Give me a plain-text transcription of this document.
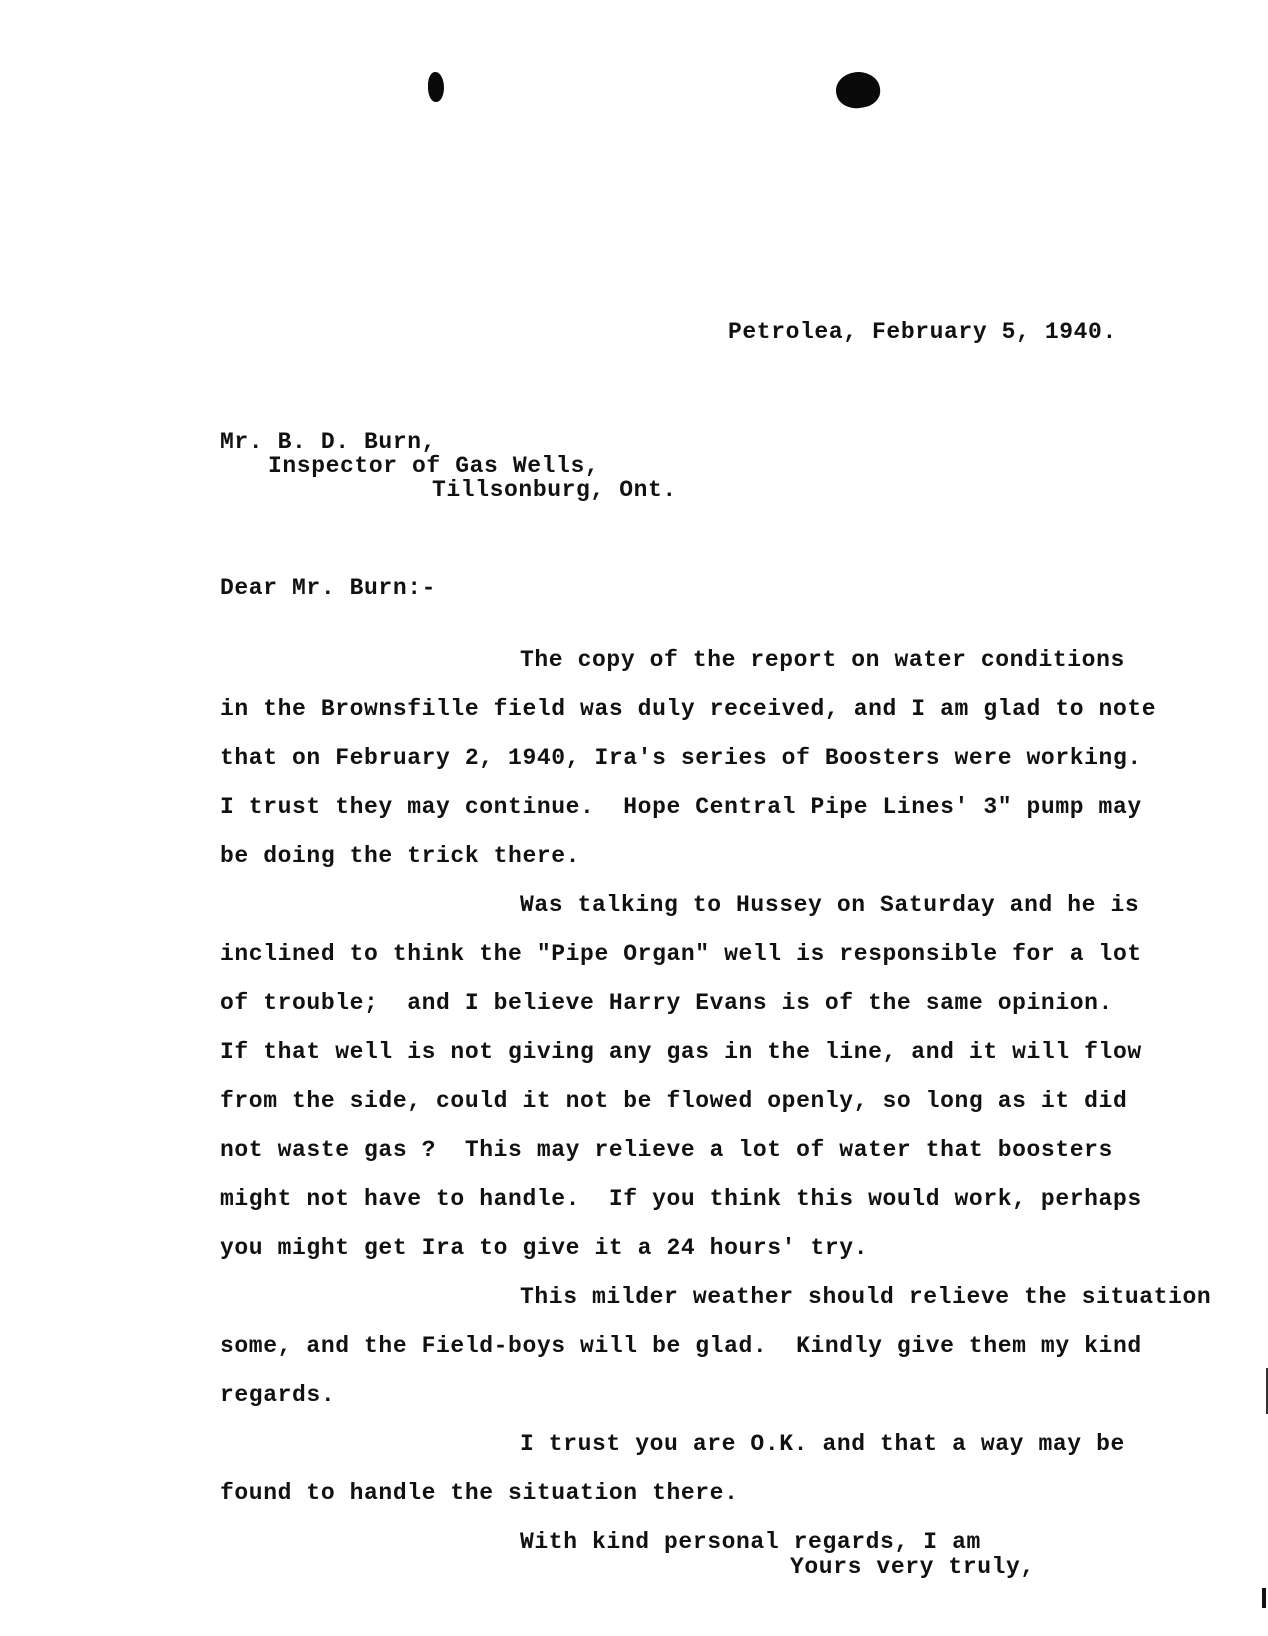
Petrolea, February 5, 1940.
Mr. B. D. Burn,
Inspector of Gas Wells,
Tillsonburg, Ont.
Dear Mr. Burn:-
The copy of the report on water conditions
in the Brownsfille field was duly received, and I am glad to note
that on February 2, 1940, Ira's series of Boosters were working.
I trust they may continue.  Hope Central Pipe Lines' 3" pump may
be doing the trick there.
Was talking to Hussey on Saturday and he is
inclined to think the "Pipe Organ" well is responsible for a lot
of trouble;  and I believe Harry Evans is of the same opinion.
If that well is not giving any gas in the line, and it will flow
from the side, could it not be flowed openly, so long as it did
not waste gas ?  This may relieve a lot of water that boosters
might not have to handle.  If you think this would work, perhaps
you might get Ira to give it a 24 hours' try.
This milder weather should relieve the situation
some, and the Field-boys will be glad.  Kindly give them my kind
regards.
I trust you are O.K. and that a way may be
found to handle the situation there.
With kind personal regards, I am
Yours very truly,
